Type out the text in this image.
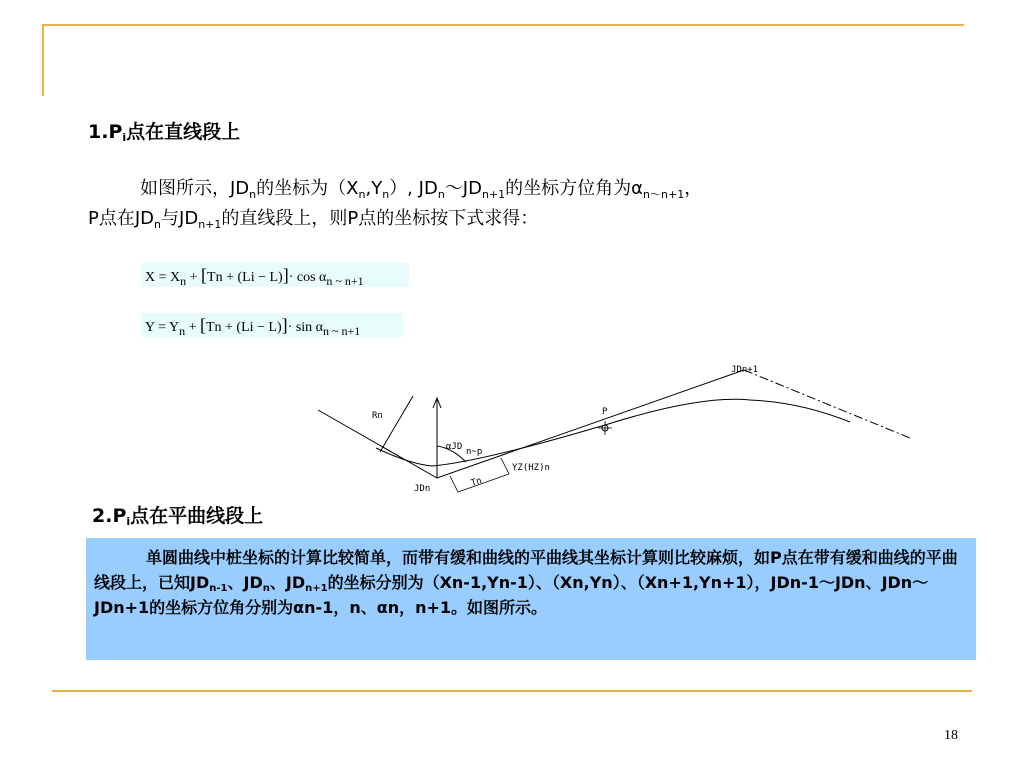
$1.P_i$点在直线段上
如图所示，$JD_n$的坐标为$(X_n,Y_n)$, $JD_n\sim JD_{n+1}$的坐标方位角为$\alpha_{n\sim n+1}$，
P点在$JD_n$与$JD_{n+1}$的直线段上，则P点的坐标按下式求得：
$X = X_n + [Tn + (Li - L)]\cdot \cos \alpha_{n \sim n+1}$
$Y = Y_n + [Tn + (Li - L)]\cdot \sin \alpha_{n \sim n+1}$
JDn+1
Rn	P
αJD n~p
YZ(HZ)n
Tn
JDn
$2.P_i$点在平曲线段上
单圆曲线中桩坐标的计算比较简单，而带有缓和曲线的平曲线其坐标计算则比较麻烦，如P点在带有缓和曲线的平曲线段上，已知$JD_{n-1}$、$JD_n$、$JD_{n+1}$的坐标分别为（Xn-1,Yn-1）、（Xn,Yn）、（Xn+1,Yn+1），JDn-1～JDn、JDn～JDn+1的坐标方位角分别为αn-1，n、αn，n+1。如图所示。
18
